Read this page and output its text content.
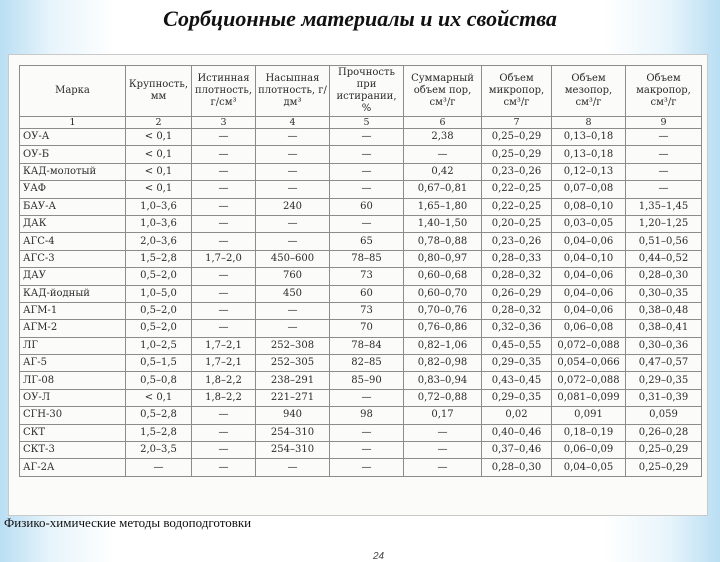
Сорбционные материалы и их свойства
Марка	Крупность, мм	Истинная плотность, г/см³	Насыпная плотность, г/дм³	Прочность при истирании, %	Суммарный объем пор, см³/г	Объем микропор, см³/г	Объем мезопор, см³/г	Объем макропор, см³/г
1	2	3	4	5	6	7	8	9
ОУ-А	< 0,1	—	—	—	2,38	0,25–0,29	0,13–0,18	—
ОУ-Б	< 0,1	—	—	—	—	0,25–0,29	0,13–0,18	—
КАД-молотый	< 0,1	—	—	—	0,42	0,23–0,26	0,12–0,13	—
УАФ	< 0,1	—	—	—	0,67–0,81	0,22–0,25	0,07–0,08	—
БАУ-А	1,0–3,6	—	240	60	1,65–1,80	0,22–0,25	0,08–0,10	1,35–1,45
ДАК	1,0–3,6	—	—	—	1,40–1,50	0,20–0,25	0,03–0,05	1,20–1,25
АГС-4	2,0–3,6	—	—	65	0,78–0,88	0,23–0,26	0,04–0,06	0,51–0,56
АГС-3	1,5–2,8	1,7–2,0	450–600	78–85	0,80–0,97	0,28–0,33	0,04–0,10	0,44–0,52
ДАУ	0,5–2,0	—	760	73	0,60–0,68	0,28–0,32	0,04–0,06	0,28–0,30
КАД-йодный	1,0–5,0	—	450	60	0,60–0,70	0,26–0,29	0,04–0,06	0,30–0,35
АГМ-1	0,5–2,0	—	—	73	0,70–0,76	0,28–0,32	0,04–0,06	0,38–0,48
АГМ-2	0,5–2,0	—	—	70	0,76–0,86	0,32–0,36	0,06–0,08	0,38–0,41
ЛГ	1,0–2,5	1,7–2,1	252–308	78–84	0,82–1,06	0,45–0,55	0,072–0,088	0,30–0,36
АГ-5	0,5–1,5	1,7–2,1	252–305	82–85	0,82–0,98	0,29–0,35	0,054–0,066	0,47–0,57
ЛГ-08	0,5–0,8	1,8–2,2	238–291	85–90	0,83–0,94	0,43–0,45	0,072–0,088	0,29–0,35
ОУ-Л	< 0,1	1,8–2,2	221–271	—	0,72–0,88	0,29–0,35	0,081–0,099	0,31–0,39
СГН-30	0,5–2,8	—	940	98	0,17	0,02	0,091	0,059
СКТ	1,5–2,8	—	254–310	—	—	0,40–0,46	0,18–0,19	0,26–0,28
СКТ-3	2,0–3,5	—	254–310	—	—	0,37–0,46	0,06–0,09	0,25–0,29
АГ-2А	—	—	—	—	—	0,28–0,30	0,04–0,05	0,25–0,29
24
Физико-химические методы водоподготовки
